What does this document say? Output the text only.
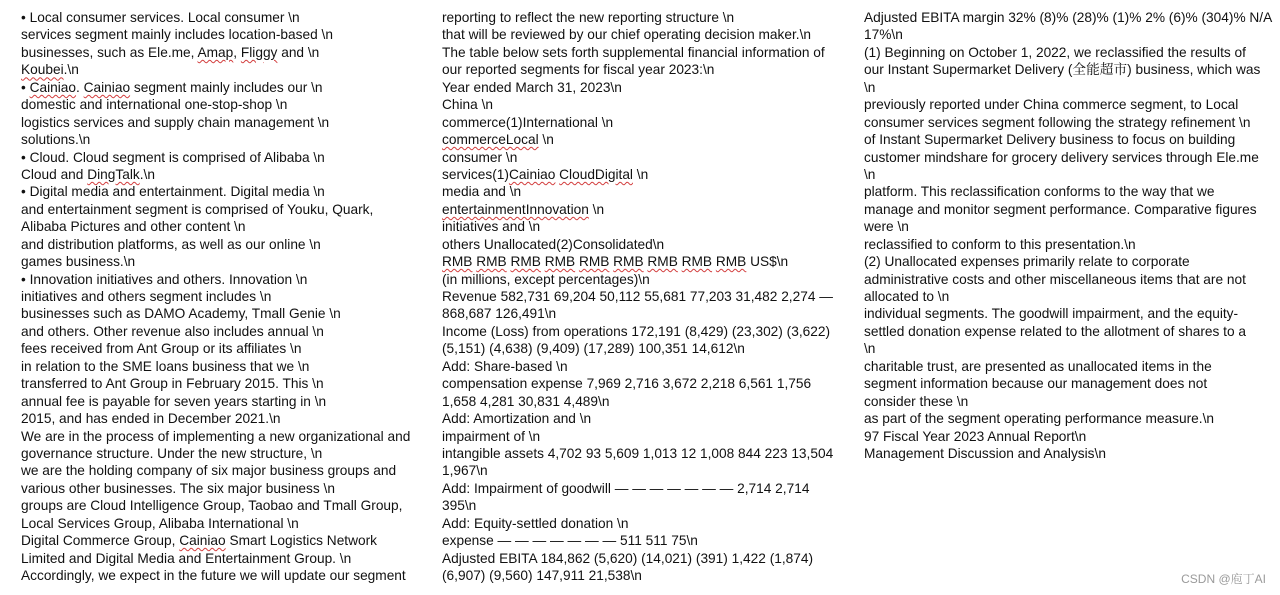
• Local consumer services. Local consumer \n
services segment mainly includes location-based \n
businesses, such as Ele.me, Amap, Fliggy and \n
Koubei.\n
• Cainiao. Cainiao segment mainly includes our \n
domestic and international one-stop-shop \n
logistics services and supply chain management \n
solutions.\n
• Cloud. Cloud segment is comprised of Alibaba \n
Cloud and DingTalk.\n
• Digital media and entertainment. Digital media \n
and entertainment segment is comprised of Youku, Quark,
Alibaba Pictures and other content \n
and distribution platforms, as well as our online \n
games business.\n
• Innovation initiatives and others. Innovation \n
initiatives and others segment includes \n
businesses such as DAMO Academy, Tmall Genie \n
and others. Other revenue also includes annual \n
fees received from Ant Group or its affiliates \n
in relation to the SME loans business that we \n
transferred to Ant Group in February 2015. This \n
annual fee is payable for seven years starting in \n
2015, and has ended in December 2021.\n
We are in the process of implementing a new organizational and
governance structure. Under the new structure, \n
we are the holding company of six major business groups and
various other businesses. The six major business \n
groups are Cloud Intelligence Group, Taobao and Tmall Group,
Local Services Group, Alibaba International \n
Digital Commerce Group, Cainiao Smart Logistics Network
Limited and Digital Media and Entertainment Group. \n
Accordingly, we expect in the future we will update our segment
reporting to reflect the new reporting structure \n
that will be reviewed by our chief operating decision maker.\n
The table below sets forth supplemental financial information of
our reported segments for fiscal year 2023:\n
Year ended March 31, 2023\n
China \n
commerce(1)International \n
commerceLocal \n
consumer \n
services(1)Cainiao CloudDigital \n
media and \n
entertainmentInnovation \n
initiatives and \n
others Unallocated(2)Consolidated\n
RMB RMB RMB RMB RMB RMB RMB RMB RMB US$\n
(in millions, except percentages)\n
Revenue 582,731 69,204 50,112 55,681 77,203 31,482 2,274 —
868,687 126,491\n
Income (Loss) from operations 172,191 (8,429) (23,302) (3,622)
(5,151) (4,638) (9,409) (17,289) 100,351 14,612\n
Add: Share-based \n
compensation expense 7,969 2,716 3,672 2,218 6,561 1,756
1,658 4,281 30,831 4,489\n
Add: Amortization and \n
impairment of \n
intangible assets 4,702 93 5,609 1,013 12 1,008 844 223 13,504
1,967\n
Add: Impairment of goodwill — — — — — — — 2,714 2,714
395\n
Add: Equity-settled donation \n
expense — — — — — — — 511 511 75\n
Adjusted EBITA 184,862 (5,620) (14,021) (391) 1,422 (1,874)
(6,907) (9,560) 147,911 21,538\n
Adjusted EBITA margin 32% (8)% (28)% (1)% 2% (6)% (304)% N/A
17%\n
(1) Beginning on October 1, 2022, we reclassified the results of
our Instant Supermarket Delivery (全能超市) business, which was
\n
previously reported under China commerce segment, to Local
consumer services segment following the strategy refinement \n
of Instant Supermarket Delivery business to focus on building
customer mindshare for grocery delivery services through Ele.me
\n
platform. This reclassification conforms to the way that we
manage and monitor segment performance. Comparative figures
were \n
reclassified to conform to this presentation.\n
(2) Unallocated expenses primarily relate to corporate
administrative costs and other miscellaneous items that are not
allocated to \n
individual segments. The goodwill impairment, and the equity-
settled donation expense related to the allotment of shares to a
\n
charitable trust, are presented as unallocated items in the
segment information because our management does not
consider these \n
as part of the segment operating performance measure.\n
97 Fiscal Year 2023 Annual Report\n
Management Discussion and Analysis\n
CSDN @庖丁AI
